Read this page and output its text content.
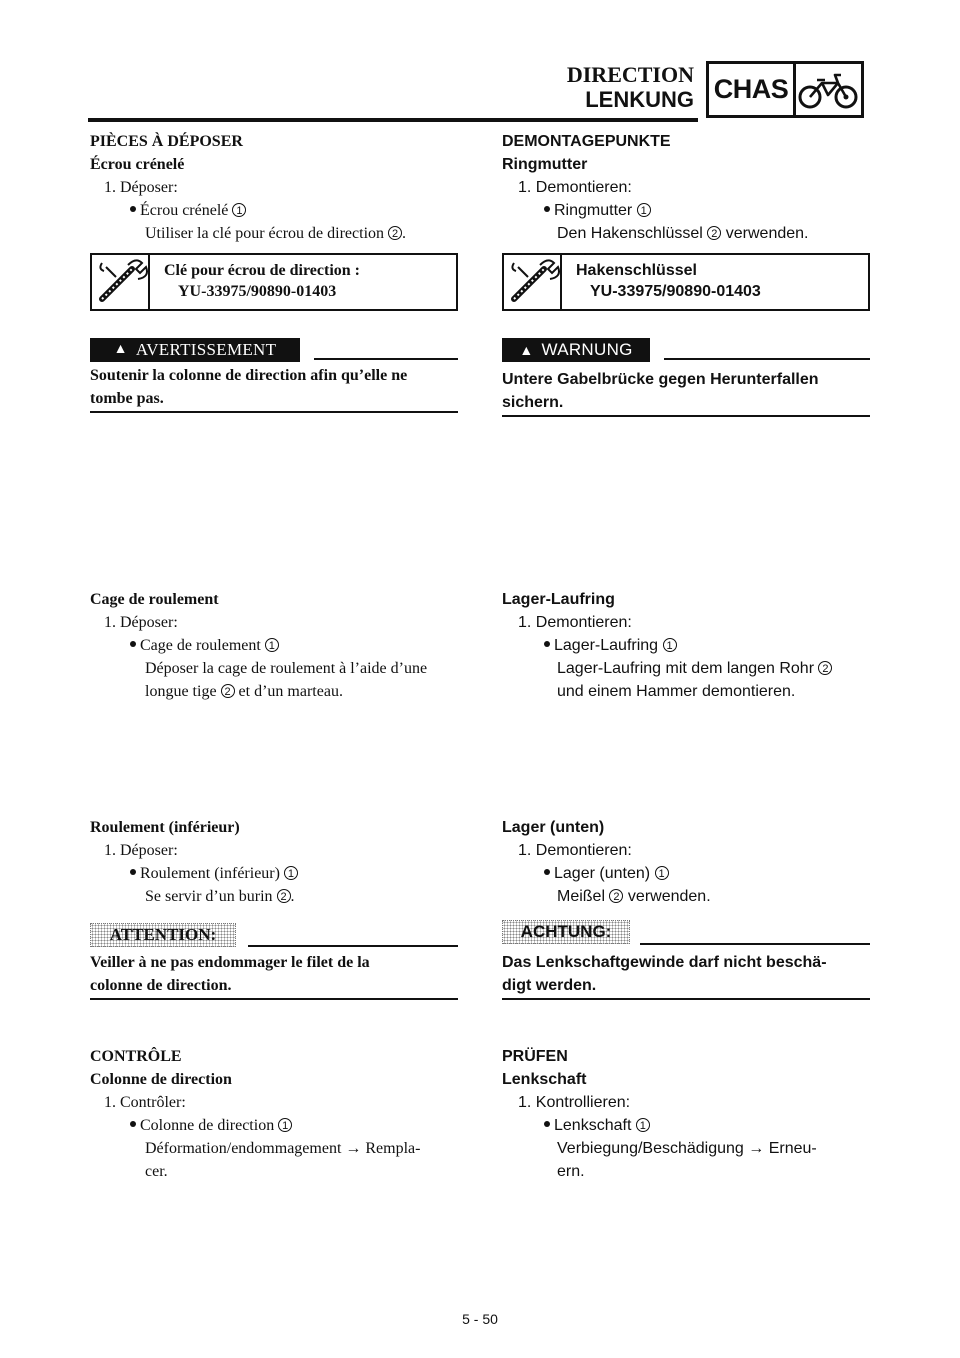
DIRECTION
LENKUNG CHAS
PIÈCES À DÉPOSER
Écrou crénelé
1. Déposer:
Écrou crénelé 1
Utiliser la clé pour écrou de direction 2 .
Clé pour écrou de direction :
YU-33975/90890-01403
▲ AVERTISSEMENT
Soutenir la colonne de direction afin qu’elle ne
tombe pas.
Cage de roulement
1. Déposer:
Cage de roulement 1
Déposer la cage de roulement à l’aide d’une
longue tige 2 et d’un marteau.
Roulement (inférieur)
1. Déposer:
Roulement (inférieur) 1
Se servir d’un burin 2 .
ATTENTION:
Veiller à ne pas endommager le filet de la
colonne de direction.
CONTRÔLE
Colonne de direction
1. Contrôler:
Colonne de direction 1
Déformation/endommagement → Rempla-
cer.
DEMONTAGEPUNKTE
Ringmutter
1. Demontieren:
Ringmutter 1
Den Hakenschlüssel 2 verwenden.
Hakenschlüssel
YU-33975/90890-01403
▲ WARNUNG
Untere Gabelbrücke gegen Herunterfallen
sichern.
Lager-Laufring
1. Demontieren:
Lager-Laufring 1
Lager-Laufring mit dem langen Rohr 2
und einem Hammer demontieren.
Lager (unten)
1. Demontieren:
Lager (unten) 1
Meißel 2 verwenden.
ACHTUNG:
Das Lenkschaftgewinde darf nicht beschä-
digt werden.
PRÜFEN
Lenkschaft
1. Kontrollieren:
Lenkschaft 1
Verbiegung/Beschädigung → Erneu-
ern.
5 - 50
